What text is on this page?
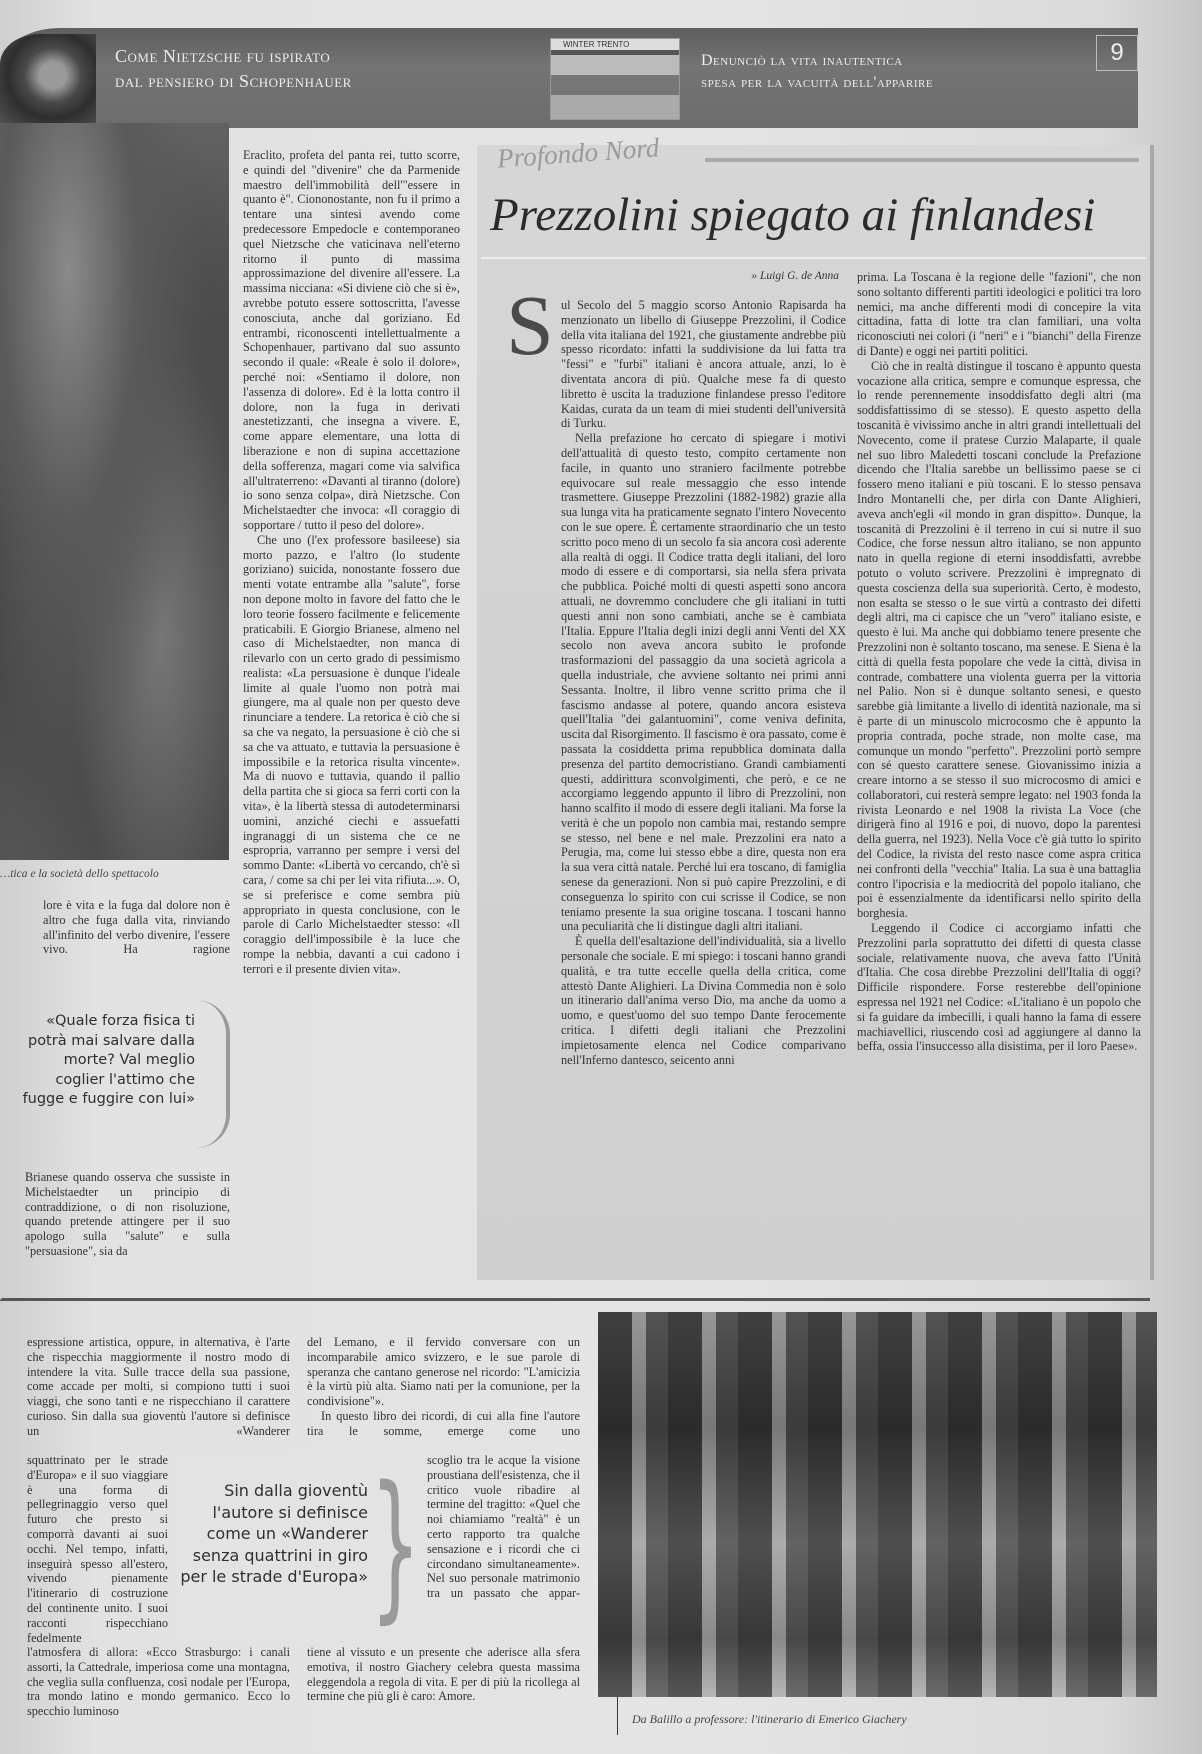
Come Nietzsche fu ispirato
dal pensiero di Schopenhauer
WINTER TRENTO
Denunciò la vita inautentica
spesa per la vacuità dell'apparire
9
…tica e la società dello spettacolo
lore è vita e la fuga dal dolore non è altro che fuga dalla vita, rinviando all'infinito del verbo divenire, l'essere vivo. Ha ragione
«Quale forza fisica ti potrà mai salvare dalla morte? Val meglio coglier l'attimo che fugge e fuggire con lui»
Brianese quando osserva che sussiste in Michelstaedter un principio di contraddizione, o di non risoluzione, quando pretende attingere per il suo apologo sulla "salute" e sulla "persuasione", sia da

Eraclito, profeta del panta rei, tutto scorre, e quindi del "divenire" che da Parmenide maestro dell'immobilità dell'"essere in quanto è". Ciononostante, non fu il primo a tentare una sintesi avendo come predecessore Empedocle e contemporaneo quel Nietzsche che vaticinava nell'eterno ritorno il punto di massima approssimazione del divenire all'essere. La massima nicciana: «Si diviene ciò che si è», avrebbe potuto essere sottoscritta, l'avesse conosciuta, anche dal goriziano. Ed entrambi, riconoscenti intellettualmente a Schopenhauer, partivano dal suo assunto secondo il quale: «Reale è solo il dolore», perché noi: «Sentiamo il dolore, non l'assenza di dolore». Ed è la lotta contro il dolore, non la fuga in derivati anestetizzanti, che insegna a vivere. E, come appare elementare, una lotta di liberazione e non di supina accettazione della sofferenza, magari come via salvifica all'ultraterreno: «Davanti al tiranno (dolore) io sono senza colpa», dirà Nietzsche. Con Michelstaedter che invoca: «Il coraggio di sopportare / tutto il peso del dolore».

Che uno (l'ex professore basileese) sia morto pazzo, e l'altro (lo studente goriziano) suicida, nonostante fossero due menti votate entrambe alla "salute", forse non depone molto in favore del fatto che le loro teorie fossero facilmente e felicemente praticabili. E Giorgio Brianese, almeno nel caso di Michelstaedter, non manca di rilevarlo con un certo grado di pessimismo realista: «La persuasione è dunque l'ideale limite al quale l'uomo non potrà mai giungere, ma al quale non per questo deve rinunciare a tendere. La retorica è ciò che si sa che va negato, la persuasione è ciò che si sa che va attuato, e tuttavia la persuasione è impossibile e la retorica risulta vincente». Ma di nuovo e tuttavia, quando il pallio della partita che si gioca sa ferri corti con la vita», è la libertà stessa di autodeterminarsi uomini, anziché ciechi e assuefatti ingranaggi di un sistema che ce ne espropria, varranno per sempre i versi del sommo Dante: «Libertà vo cercando, ch'è sì cara, / come sa chi per lei vita rifiuta...». O, se si preferisce e come sembra più appropriato in questa conclusione, con le parole di Carlo Michelstaedter stesso: «Il coraggio dell'impossibile è la luce che rompe la nebbia, davanti a cui cadono i terrori e il presente divien vita».

Profondo Nord
Prezzolini spiegato ai finlandesi
» Luigi G. de Anna
S ul Secolo del 5 maggio scorso Antonio Rapisarda ha menzionato un libello di Giuseppe Prezzolini, il Codice della vita italiana del 1921, che giustamente andrebbe più spesso ricordato: infatti la suddivisione da lui fatta tra "fessi" e "furbi" italiani è ancora attuale, anzi, lo è diventata ancora di più. Qualche mese fa di questo libretto è uscita la traduzione finlandese presso l'editore Kaidas, curata da un team di miei studenti dell'università di Turku.

Nella prefazione ho cercato di spiegare i motivi dell'attualità di questo testo, compito certamente non facile, in quanto uno straniero facilmente potrebbe equivocare sul reale messaggio che esso intende trasmettere. Giuseppe Prezzolini (1882-1982) grazie alla sua lunga vita ha praticamente segnato l'intero Novecento con le sue opere. È certamente straordinario che un testo scritto poco meno di un secolo fa sia ancora così aderente alla realtà di oggi. Il Codice tratta degli italiani, del loro modo di essere e di comportarsi, sia nella sfera privata che pubblica. Poiché molti di questi aspetti sono ancora attuali, ne dovremmo concludere che gli italiani in tutti questi anni non sono cambiati, anche se è cambiata l'Italia. Eppure l'Italia degli inizi degli anni Venti del XX secolo non aveva ancora subìto le profonde trasformazioni del passaggio da una società agricola a quella industriale, che avviene soltanto nei primi anni Sessanta. Inoltre, il libro venne scritto prima che il fascismo andasse al potere, quando ancora esisteva quell'Italia "dei galantuomini", come veniva definita, uscita dal Risorgimento. Il fascismo è ora passato, come è passata la cosiddetta prima repubblica dominata dalla presenza del partito democristiano. Grandi cambiamenti questi, addirittura sconvolgimenti, che però, e ce ne accorgiamo leggendo appunto il libro di Prezzolini, non hanno scalfito il modo di essere degli italiani. Ma forse la verità è che un popolo non cambia mai, restando sempre se stesso, nel bene e nel male. Prezzolini era nato a Perugia, ma, come lui stesso ebbe a dire, questa non era la sua vera città natale. Perché lui era toscano, di famiglia senese da generazioni. Non si può capire Prezzolini, e di conseguenza lo spirito con cui scrisse il Codice, se non teniamo presente la sua origine toscana. I toscani hanno una peculiarità che li distingue dagli altri italiani.

È quella dell'esaltazione dell'individualità, sia a livello personale che sociale. E mi spiego: i toscani hanno grandi qualità, e tra tutte eccelle quella della critica, come attestò Dante Alighieri. La Divina Commedia non è solo un itinerario dall'anima verso Dio, ma anche da uomo a uomo, e quest'uomo del suo tempo Dante ferocemente critica. I difetti degli italiani che Prezzolini impietosamente elenca nel Codice comparivano nell'Inferno dantesco, seicento anni

prima. La Toscana è la regione delle "fazioni", che non sono soltanto differenti partiti ideologici e politici tra loro nemici, ma anche differenti modi di concepire la vita cittadina, fatta di lotte tra clan familiari, una volta riconosciuti nei colori (i "neri" e i "bianchi" della Firenze di Dante) e oggi nei partiti politici.

Ciò che in realtà distingue il toscano è appunto questa vocazione alla critica, sempre e comunque espressa, che lo rende perennemente insoddisfatto degli altri (ma soddisfattissimo di se stesso). E questo aspetto della toscanità è vivissimo anche in altri grandi intellettuali del Novecento, come il pratese Curzio Malaparte, il quale nel suo libro Maledetti toscani conclude la Prefazione dicendo che l'Italia sarebbe un bellissimo paese se ci fossero meno italiani e più toscani. E lo stesso pensava Indro Montanelli che, per dirla con Dante Alighieri, aveva anch'egli «il mondo in gran dispitto». Dunque, la toscanità di Prezzolini è il terreno in cui si nutre il suo Codice, che forse nessun altro italiano, se non appunto nato in quella regione di eterni insoddisfatti, avrebbe potuto o voluto scrivere. Prezzolini è impregnato di questa coscienza della sua superiorità. Certo, è modesto, non esalta se stesso o le sue virtù a contrasto dei difetti degli altri, ma ci capisce che un "vero" italiano esiste, e questo è lui. Ma anche qui dobbiamo tenere presente che Prezzolini non è soltanto toscano, ma senese. E Siena è la città di quella festa popolare che vede la città, divisa in contrade, combattere una violenta guerra per la vittoria nel Palio. Non si è dunque soltanto senesi, e questo sarebbe già limitante a livello di identità nazionale, ma si è parte di un minuscolo microcosmo che è appunto la propria contrada, poche strade, non molte case, ma comunque un mondo "perfetto". Prezzolini portò sempre con sé questo carattere senese. Giovanissimo inizia a creare intorno a se stesso il suo microcosmo di amici e collaboratori, cui resterà sempre legato: nel 1903 fonda la rivista Leonardo e nel 1908 la rivista La Voce (che dirigerà fino al 1916 e poi, di nuovo, dopo la parentesi della guerra, nel 1923). Nella Voce c'è già tutto lo spirito del Codice, la rivista del resto nasce come aspra critica nei confronti della "vecchia" Italia. La sua è una battaglia contro l'ipocrisia e la mediocrità del popolo italiano, che poi è essenzialmente da identificarsi nello spirito della borghesia.

Leggendo il Codice ci accorgiamo infatti che Prezzolini parla soprattutto dei difetti di questa classe sociale, relativamente nuova, che aveva fatto l'Unità d'Italia. Che cosa direbbe Prezzolini dell'Italia di oggi? Difficile rispondere. Forse resterebbe dell'opinione espressa nel 1921 nel Codice: «L'italiano è un popolo che si fa guidare da imbecilli, i quali hanno la fama di essere machiavellici, riuscendo così ad aggiungere al danno la beffa, ossia l'insuccesso alla disistima, per il loro Paese».

espressione artistica, oppure, in alternativa, è l'arte che rispecchia maggiormente il nostro modo di intendere la vita. Sulle tracce della sua passione, come accade per molti, si compiono tutti i suoi viaggi, che sono tanti e ne rispecchiano il carattere curioso. Sin dalla sua gioventù l'autore si definisce un «Wanderer
squattrinato per le strade d'Europa» e il suo viaggiare è una forma di pellegrinaggio verso quel futuro che presto si comporrà davanti ai suoi occhi. Nel tempo, infatti, inseguirà spesso all'estero, vivendo pienamente l'itinerario di costruzione del continente unito. I suoi racconti rispecchiano fedelmente
l'atmosfera di allora: «Ecco Strasburgo: i canali assorti, la Cattedrale, imperiosa come una montagna, che veglia sulla confluenza, così nodale per l'Europa, tra mondo latino e mondo germanico. Ecco lo specchio luminoso

del Lemano, e il fervido conversare con un incomparabile amico svizzero, e le sue parole di speranza che cantano generose nel ricordo: "L'amicizia è la virtù più alta. Siamo nati per la comunione, per la condivisione"».

In questo libro dei ricordi, di cui alla fine l'autore tira le somme, emerge come uno

scoglio tra le acque la visione proustiana dell'esistenza, che il critico vuole ribadire al termine del tragitto: «Quel che noi chiamiamo "realtà" è un certo rapporto tra qualche sensazione e i ricordi che ci circondano simultaneamente». Nel suo personale matrimonio tra un passato che appar-
tiene al vissuto e un presente che aderisce alla sfera emotiva, il nostro Giachery celebra questa massima eleggendola a regola di vita. E per di più la ricollega al termine che più gli è caro: Amore.
Sin dalla gioventù l'autore si definisce come un «Wanderer senza quattrini in giro per le strade d'Europa» }
Da Balillo a professore: l'itinerario di Emerico Giachery
